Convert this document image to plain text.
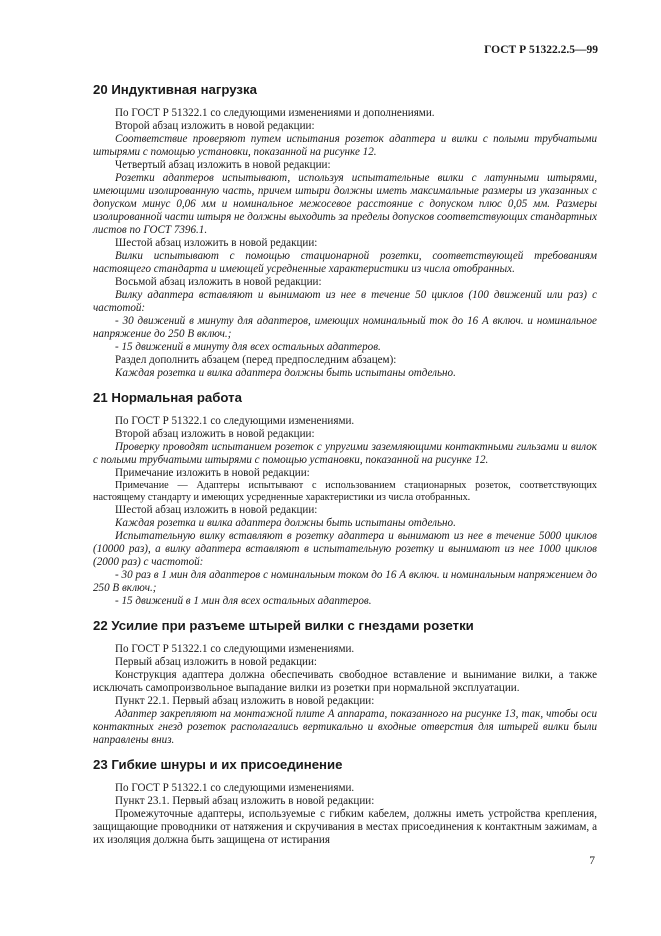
ГОСТ Р 51322.2.5—99
20 Индуктивная нагрузка

По ГОСТ Р 51322.1 со следующими изменениями и дополнениями.

Второй абзац изложить в новой редакции:

Соответствие проверяют путем испытания розеток адаптера и вилки с полыми трубчатыми штырями с помощью установки, показанной на рисунке 12.

Четвертый абзац изложить в новой редакции:

Розетки адаптеров испытывают, используя испытательные вилки с латунными штырями, имеющими изолированную часть, причем штыри должны иметь максимальные размеры из указанных с допуском минус 0,06 мм и номинальное межосевое расстояние с допуском плюс 0,05 мм. Размеры изолированной части штыря не должны выходить за пределы допусков соответствующих стандартных листов по ГОСТ 7396.1.

Шестой абзац изложить в новой редакции:

Вилки испытывают с помощью стационарной розетки, соответствующей требованиям настоящего стандарта и имеющей усредненные характеристики из числа отобранных.

Восьмой абзац изложить в новой редакции:

Вилку адаптера вставляют и вынимают из нее в течение 50 циклов (100 движений или раз) с частотой:

- 30 движений в минуту для адаптеров, имеющих номинальный ток до 16 А включ. и номинальное напряжение до 250 В включ.;

- 15 движений в минуту для всех остальных адаптеров.

Раздел дополнить абзацем (перед предпоследним абзацем):

Каждая розетка и вилка адаптера должны быть испытаны отдельно.

21 Нормальная работа

По ГОСТ Р 51322.1 со следующими изменениями.

Второй абзац изложить в новой редакции:

Проверку проводят испытанием розеток с упругими заземляющими контактными гильзами и вилок с полыми трубчатыми штырями с помощью установки, показанной на рисунке 12.

Примечание изложить в новой редакции:

Примечание — Адаптеры испытывают с использованием стационарных розеток, соответствующих настоящему стандарту и имеющих усредненные характеристики из числа отобранных.

Шестой абзац изложить в новой редакции:

Каждая розетка и вилка адаптера должны быть испытаны отдельно.

Испытательную вилку вставляют в розетку адаптера и вынимают из нее в течение 5000 циклов (10000 раз), а вилку адаптера вставляют в испытательную розетку и вынимают из нее 1000 циклов (2000 раз) с частотой:

- 30 раз в 1 мин для адаптеров с номинальным током до 16 А включ. и номинальным напряжением до 250 В включ.;

- 15 движений в 1 мин для всех остальных адаптеров.

22 Усилие при разъеме штырей вилки с гнездами розетки

По ГОСТ Р 51322.1 со следующими изменениями.

Первый абзац изложить в новой редакции:

Конструкция адаптера должна обеспечивать свободное вставление и вынимание вилки, а также исключать самопроизвольное выпадание вилки из розетки при нормальной эксплуатации.

Пункт 22.1. Первый абзац изложить в новой редакции:

Адаптер закрепляют на монтажной плите А аппарата, показанного на рисунке 13, так, чтобы оси контактных гнезд розеток располагались вертикально и входные отверстия для штырей вилки были направлены вниз.

23 Гибкие шнуры и их присоединение

По ГОСТ Р 51322.1 со следующими изменениями.

Пункт 23.1. Первый абзац изложить в новой редакции:

Промежуточные адаптеры, используемые с гибким кабелем, должны иметь устройства крепления, защищающие проводники от натяжения и скручивания в местах присоединения к контактным зажимам, а их изоляция должна быть защищена от истирания

7
